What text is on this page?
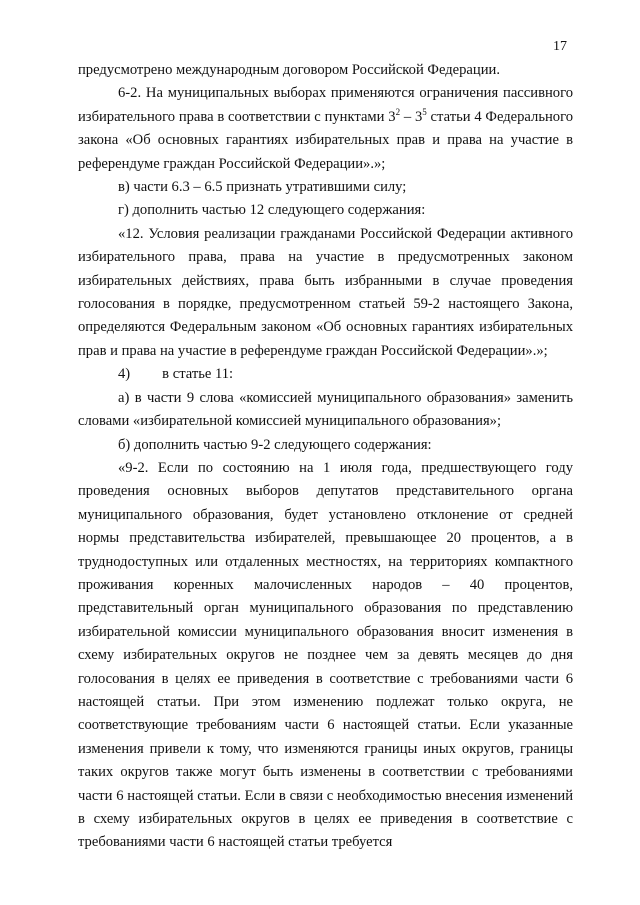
17

предусмотрено международным договором Российской Федерации.

6-2. На муниципальных выборах применяются ограничения пассивного избирательного права в соответствии с пунктами $3^2 - 3^5$ статьи 4 Федерального закона «Об основных гарантиях избирательных прав и права на участие в референдуме граждан Российской Федерации».»;

в) части 6.3 – 6.5 признать утратившими силу;

г) дополнить частью 12 следующего содержания:

«12. Условия реализации гражданами Российской Федерации активного избирательного права, права на участие в предусмотренных законом избирательных действиях, права быть избранными в случае проведения голосования в порядке, предусмотренном статьей 59-2 настоящего Закона, определяются Федеральным законом «Об основных гарантиях избирательных прав и права на участие в референдуме граждан Российской Федерации».»;

4) в статье 11:

а) в части 9 слова «комиссией муниципального образования» заменить словами «избирательной комиссией муниципального образования»;

б) дополнить частью 9-2 следующего содержания:

«9-2. Если по состоянию на 1 июля года, предшествующего году проведения основных выборов депутатов представительного органа муниципального образования, будет установлено отклонение от средней нормы представительства избирателей, превышающее 20 процентов, а в труднодоступных или отдаленных местностях, на территориях компактного проживания коренных малочисленных народов – 40 процентов, представительный орган муниципального образования по представлению избирательной комиссии муниципального образования вносит изменения в схему избирательных округов не позднее чем за девять месяцев до дня голосования в целях ее приведения в соответствие с требованиями части 6 настоящей статьи. При этом изменению подлежат только округа, не соответствующие требованиям части 6 настоящей статьи. Если указанные изменения привели к тому, что изменяются границы иных округов, границы таких округов также могут быть изменены в соответствии с требованиями части 6 настоящей статьи. Если в связи с необходимостью внесения изменений в схему избирательных округов в целях ее приведения в соответствие с требованиями части 6 настоящей статьи требуется
